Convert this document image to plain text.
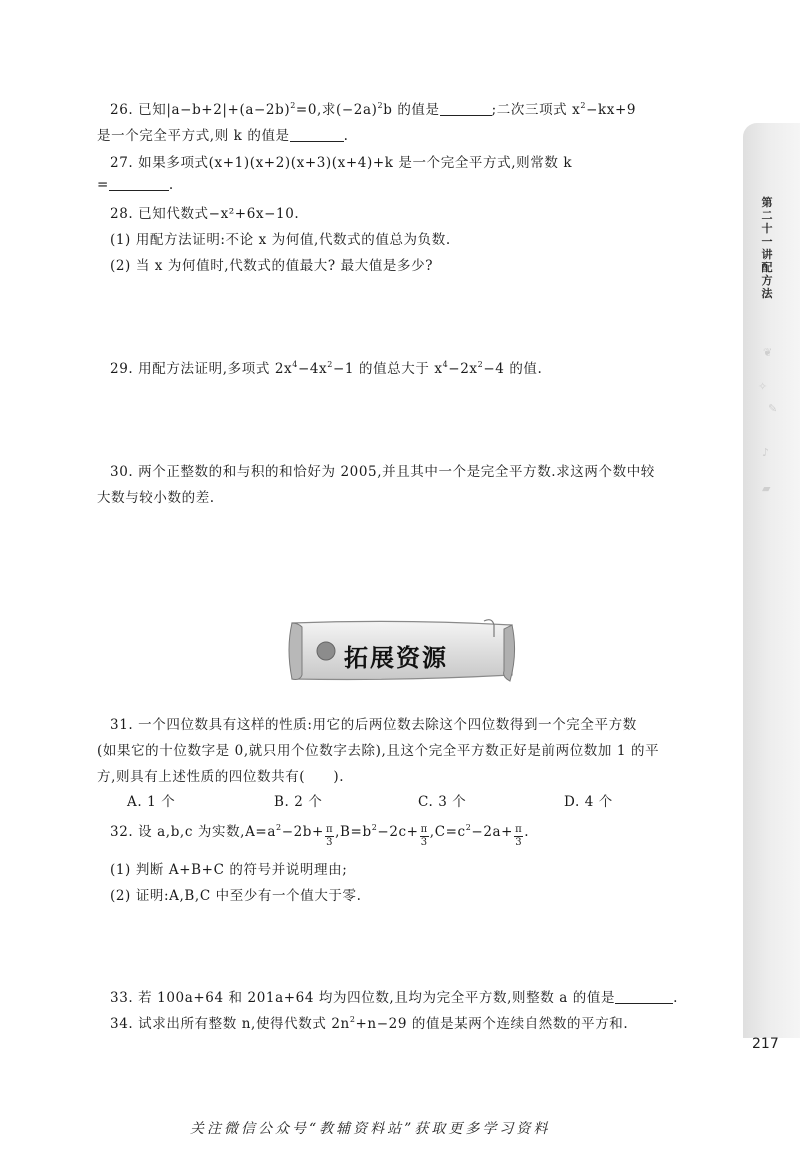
第二十一讲 配方法
❦
✧
✎
♪
▰
26. 已知$|a-b+2|+(a-2b)^2=0$,求$(-2a)^2b$ 的值是	;二次三项式 $x^2-kx+9$
是一个完全平方式,则 k 的值是	.
27. 如果多项式(x+1)(x+2)(x+3)(x+4)+k 是一个完全平方式,则常数 k
=	.
28. 已知代数式−x²+6x−10.
(1) 用配方法证明:不论 x 为何值,代数式的值总为负数.
(2) 当 x 为何值时,代数式的值最大? 最大值是多少?
29. 用配方法证明,多项式 $2x^4-4x^2-1$ 的值总大于 $x^4-2x^2-4$ 的值.
30. 两个正整数的和与积的和恰好为 2005,并且其中一个是完全平方数.求这两个数中较
大数与较小数的差.
拓展资源
31. 一个四位数具有这样的性质:用它的后两位数去除这个四位数得到一个完全平方数
(如果它的十位数字是 0,就只用个位数字去除),且这个完全平方数正好是前两位数加 1 的平
方,则具有上述性质的四位数共有(　　).
A. 1 个	B. 2 个	C. 3 个	D. 4 个
32. 设 a,b,c 为实数$,A=a^2-2b+ \frac{\pi}{3} ,B=b^2-2c+ \frac{\pi}{3} ,C=c^2-2a+ \frac{\pi}{3}$ .
(1) 判断 A+B+C 的符号并说明理由;
(2) 证明:A,B,C 中至少有一个值大于零.
33. 若 100a+64 和 201a+64 均为四位数,且均为完全平方数,则整数 a 的值是	.
34. 试求出所有整数 n,使得代数式 $2n^2+n-29$ 的值是某两个连续自然数的平方和.
217
关注微信公众号“教辅资料站”获取更多学习资料
